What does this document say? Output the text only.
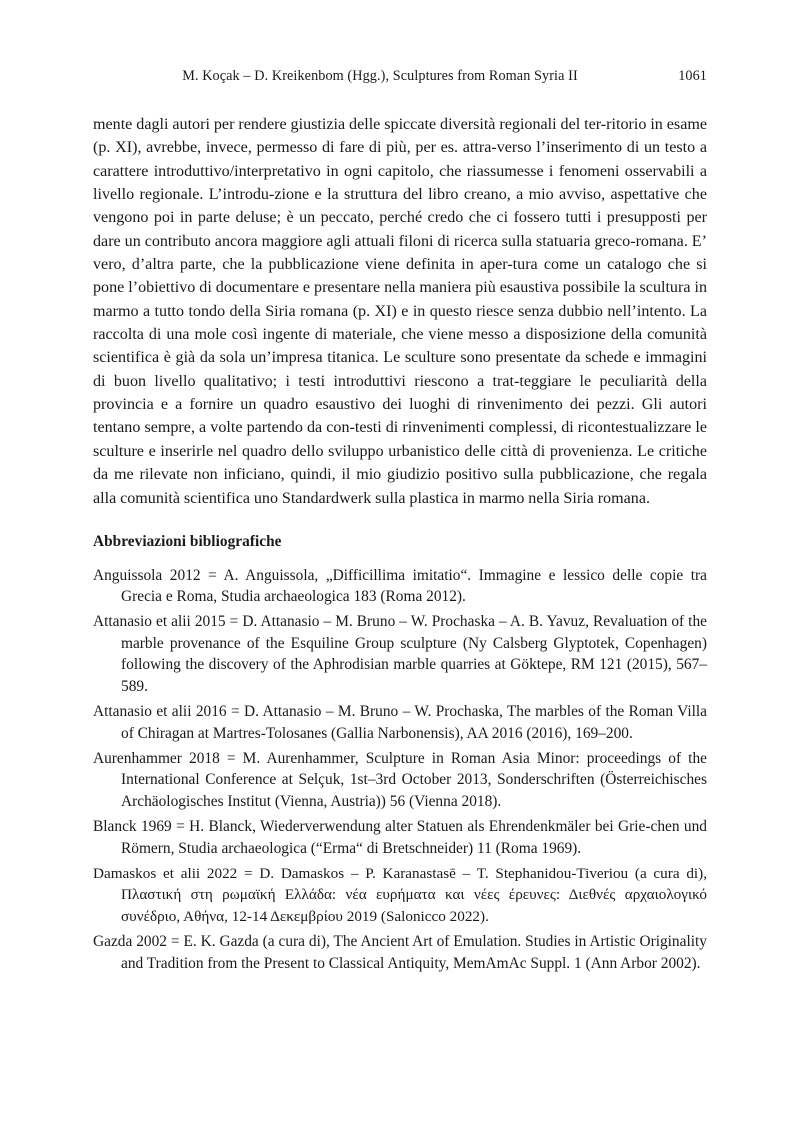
M. Koçak – D. Kreikenbom (Hgg.), Sculptures from Roman Syria II	1061

mente dagli autori per rendere giustizia delle spiccate diversità regionali del ter-ritorio in esame (p. XI), avrebbe, invece, permesso di fare di più, per es. attra-verso l’inserimento di un testo a carattere introduttivo/interpretativo in ogni capitolo, che riassumesse i fenomeni osservabili a livello regionale. L’introdu-zione e la struttura del libro creano, a mio avviso, aspettative che vengono poi in parte deluse; è un peccato, perché credo che ci fossero tutti i presupposti per dare un contributo ancora maggiore agli attuali filoni di ricerca sulla statuaria greco-romana. E’ vero, d’altra parte, che la pubblicazione viene definita in aper-tura come un catalogo che si pone l’obiettivo di documentare e presentare nella maniera più esaustiva possibile la scultura in marmo a tutto tondo della Siria romana (p. XI) e in questo riesce senza dubbio nell’intento. La raccolta di una mole così ingente di materiale, che viene messo a disposizione della comunità scientifica è già da sola un’impresa titanica. Le sculture sono presentate da schede e immagini di buon livello qualitativo; i testi introduttivi riescono a trat-teggiare le peculiarità della provincia e a fornire un quadro esaustivo dei luoghi di rinvenimento dei pezzi. Gli autori tentano sempre, a volte partendo da con-testi di rinvenimenti complessi, di ricontestualizzare le sculture e inserirle nel quadro dello sviluppo urbanistico delle città di provenienza. Le critiche da me rilevate non inficiano, quindi, il mio giudizio positivo sulla pubblicazione, che regala alla comunità scientifica uno Standardwerk sulla plastica in marmo nella Siria romana.

Abbreviazioni bibliografiche
Anguissola 2012 = A. Anguissola, „Difficillima imitatio“. Immagine e lessico delle copie tra Grecia e Roma, Studia archaeologica 183 (Roma 2012).
Attanasio et alii 2015 = D. Attanasio – M. Bruno – W. Prochaska – A. B. Yavuz, Revaluation of the marble provenance of the Esquiline Group sculpture (Ny Calsberg Glyptotek, Copenhagen) following the discovery of the Aphrodisian marble quarries at Göktepe, RM 121 (2015), 567–589.
Attanasio et alii 2016 = D. Attanasio – M. Bruno – W. Prochaska, The marbles of the Roman Villa of Chiragan at Martres-Tolosanes (Gallia Narbonensis), AA 2016 (2016), 169–200.
Aurenhammer 2018 = M. Aurenhammer, Sculpture in Roman Asia Minor: proceedings of the International Conference at Selçuk, 1st–3rd October 2013, Sonderschriften (Österreichisches Archäologisches Institut (Vienna, Austria)) 56 (Vienna 2018).
Blanck 1969 = H. Blanck, Wiederverwendung alter Statuen als Ehrendenkmäler bei Grie-chen und Römern, Studia archaeologica (“Erma“ di Bretschneider) 11 (Roma 1969).
Damaskos et alii 2022 = D. Damaskos – P. Karanastasē – T. Stephanidou-Tiveriou (a cura di), Πλαστική στη ρωμαϊκή Ελλάδα: νέα ευρήματα και νέες έρευνες: Διεθνές αρχαιολογικό συνέδριο, Αθήνα, 12-14 Δεκεμβρίου 2019 (Salonicco 2022).
Gazda 2002 = E. K. Gazda (a cura di), The Ancient Art of Emulation. Studies in Artistic Originality and Tradition from the Present to Classical Antiquity, MemAmAc Suppl. 1 (Ann Arbor 2002).
